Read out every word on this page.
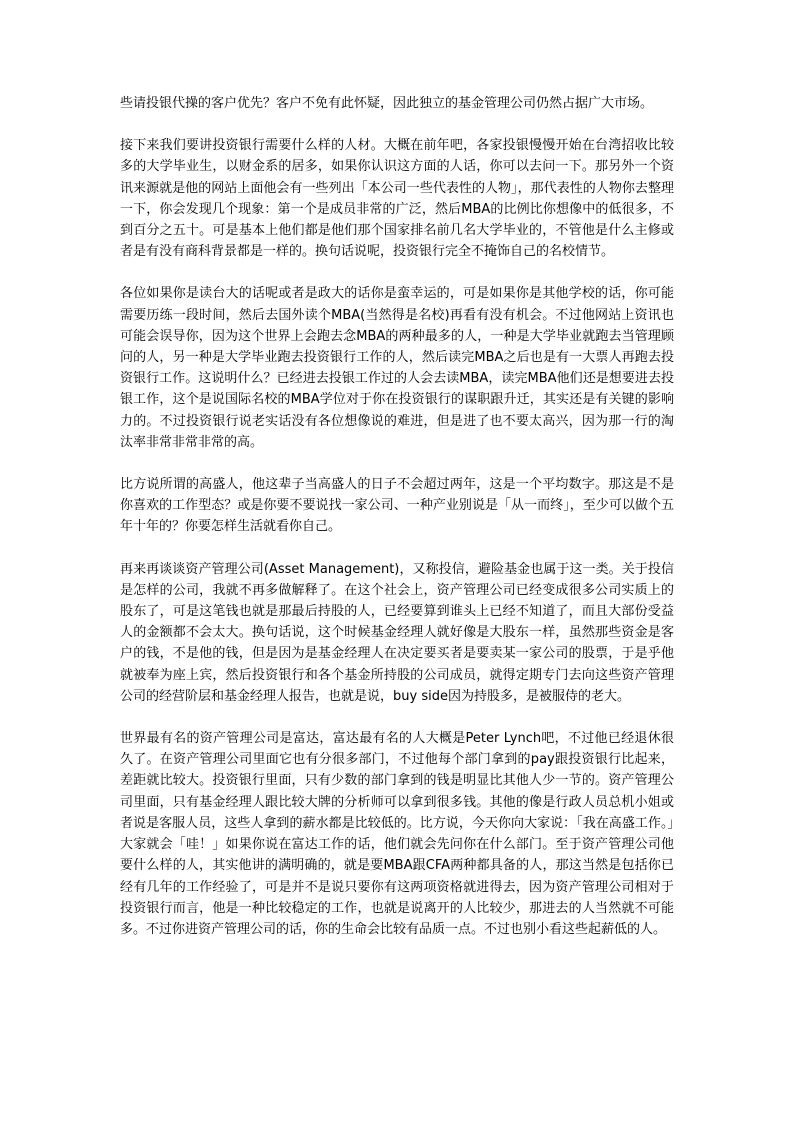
些请投银代操的客户优先？客户不免有此怀疑，因此独立的基金管理公司仍然占据广大市场。

接下来我们要讲投资银行需要什么样的人材。大概在前年吧，各家投银慢慢开始在台湾招收比较多的大学毕业生，以财金系的居多，如果你认识这方面的人话，你可以去问一下。那另外一个资讯来源就是他的网站上面他会有一些列出「本公司一些代表性的人物」，那代表性的人物你去整理一下，你会发现几个现象：第一个是成员非常的广泛，然后MBA的比例比你想像中的低很多，不到百分之五十。可是基本上他们都是他们那个国家排名前几名大学毕业的，不管他是什么主修或者是有没有商科背景都是一样的。换句话说呢，投资银行完全不掩饰自己的名校情节。

各位如果你是读台大的话呢或者是政大的话你是蛮幸运的，可是如果你是其他学校的话，你可能需要历练一段时间，然后去国外读个MBA(当然得是名校)再看有没有机会。不过他网站上资讯也可能会误导你，因为这个世界上会跑去念MBA的两种最多的人，一种是大学毕业就跑去当管理顾问的人，另一种是大学毕业跑去投资银行工作的人，然后读完MBA之后也是有一大票人再跑去投资银行工作。这说明什么？已经进去投银工作过的人会去读MBA，读完MBA他们还是想要进去投银工作，这个是说国际名校的MBA学位对于你在投资银行的谋职跟升迁，其实还是有关键的影响力的。不过投资银行说老实话没有各位想像说的难进，但是进了也不要太高兴，因为那一行的淘汰率非常非常非常的高。

比方说所谓的高盛人，他这辈子当高盛人的日子不会超过两年，这是一个平均数字。那这是不是你喜欢的工作型态？或是你要不要说找一家公司、一种产业别说是「从一而终」，至少可以做个五年十年的？你要怎样生活就看你自己。

再来再谈谈资产管理公司(Asset Management)，又称投信，避险基金也属于这一类。关于投信是怎样的公司，我就不再多做解释了。在这个社会上，资产管理公司已经变成很多公司实质上的股东了，可是这笔钱也就是那最后持股的人，已经要算到谁头上已经不知道了，而且大部份受益人的金额都不会太大。换句话说，这个时候基金经理人就好像是大股东一样，虽然那些资金是客户的钱，不是他的钱，但是因为是基金经理人在决定要买者是要卖某一家公司的股票，于是乎他就被奉为座上宾，然后投资银行和各个基金所持股的公司成员，就得定期专门去向这些资产管理公司的经营阶层和基金经理人报告，也就是说，buy side因为持股多，是被服侍的老大。

世界最有名的资产管理公司是富达，富达最有名的人大概是Peter Lynch吧，不过他已经退休很久了。在资产管理公司里面它也有分很多部门，不过他每个部门拿到的pay跟投资银行比起来，差距就比较大。投资银行里面，只有少数的部门拿到的钱是明显比其他人少一节的。资产管理公司里面，只有基金经理人跟比较大牌的分析师可以拿到很多钱。其他的像是行政人员总机小姐或者说是客服人员，这些人拿到的薪水都是比较低的。比方说，今天你向大家说：「我在高盛工作。」大家就会「哇！」如果你说在富达工作的话，他们就会先问你在什么部门。至于资产管理公司他要什么样的人，其实他讲的满明确的，就是要MBA跟CFA两种都具备的人，那这当然是包括你已经有几年的工作经验了，可是并不是说只要你有这两项资格就进得去，因为资产管理公司相对于投资银行而言，他是一种比较稳定的工作，也就是说离开的人比较少，那进去的人当然就不可能多。不过你进资产管理公司的话，你的生命会比较有品质一点。不过也别小看这些起薪低的人。
